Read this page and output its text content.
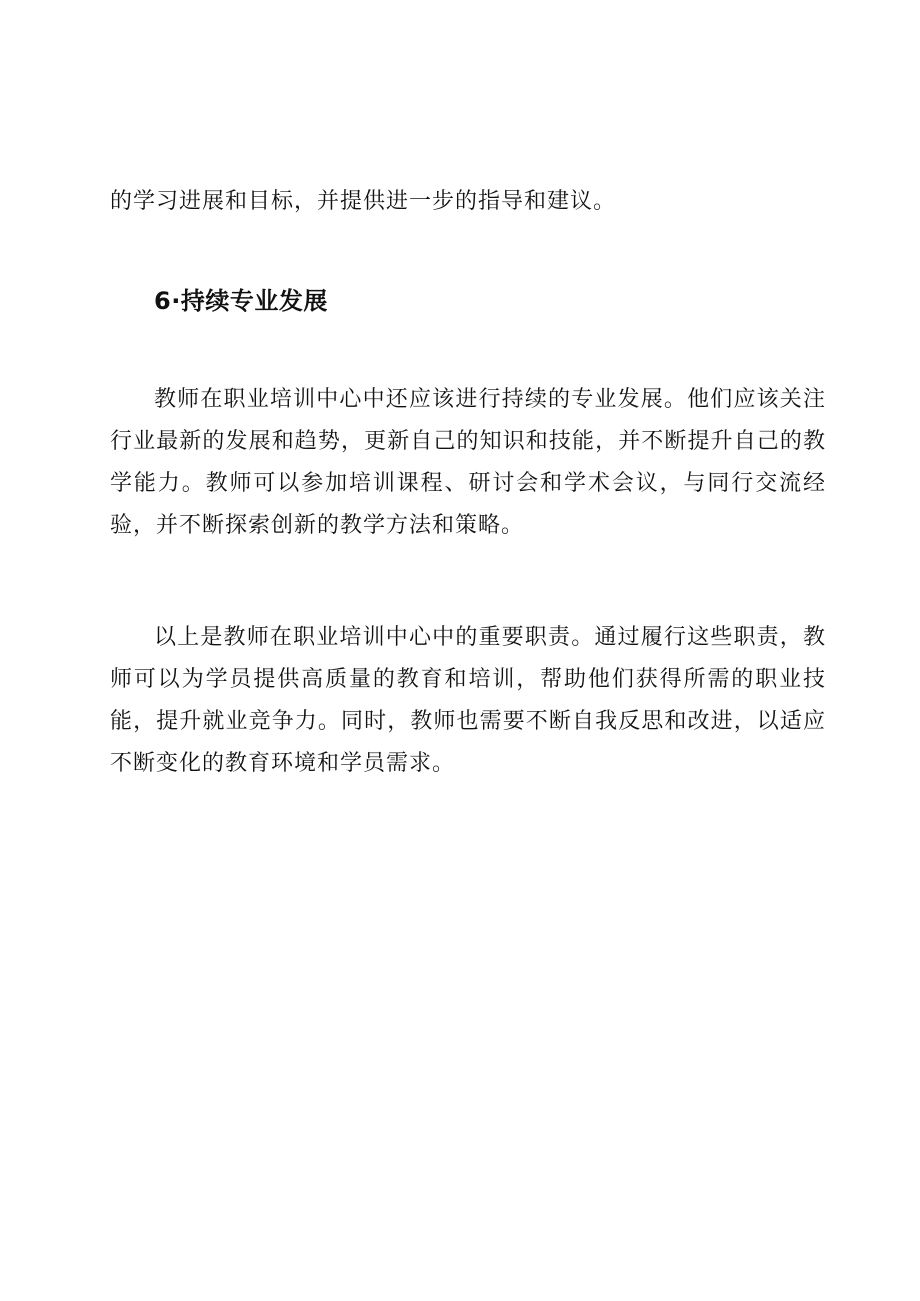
的学习进展和目标，并提供进一步的指导和建议。

6·持续专业发展

教师在职业培训中心中还应该进行持续的专业发展。他们应该关注行业最新的发展和趋势，更新自己的知识和技能，并不断提升自己的教学能力。教师可以参加培训课程、研讨会和学术会议，与同行交流经验，并不断探索创新的教学方法和策略。

以上是教师在职业培训中心中的重要职责。通过履行这些职责，教师可以为学员提供高质量的教育和培训，帮助他们获得所需的职业技能，提升就业竞争力。同时，教师也需要不断自我反思和改进，以适应不断变化的教育环境和学员需求。
